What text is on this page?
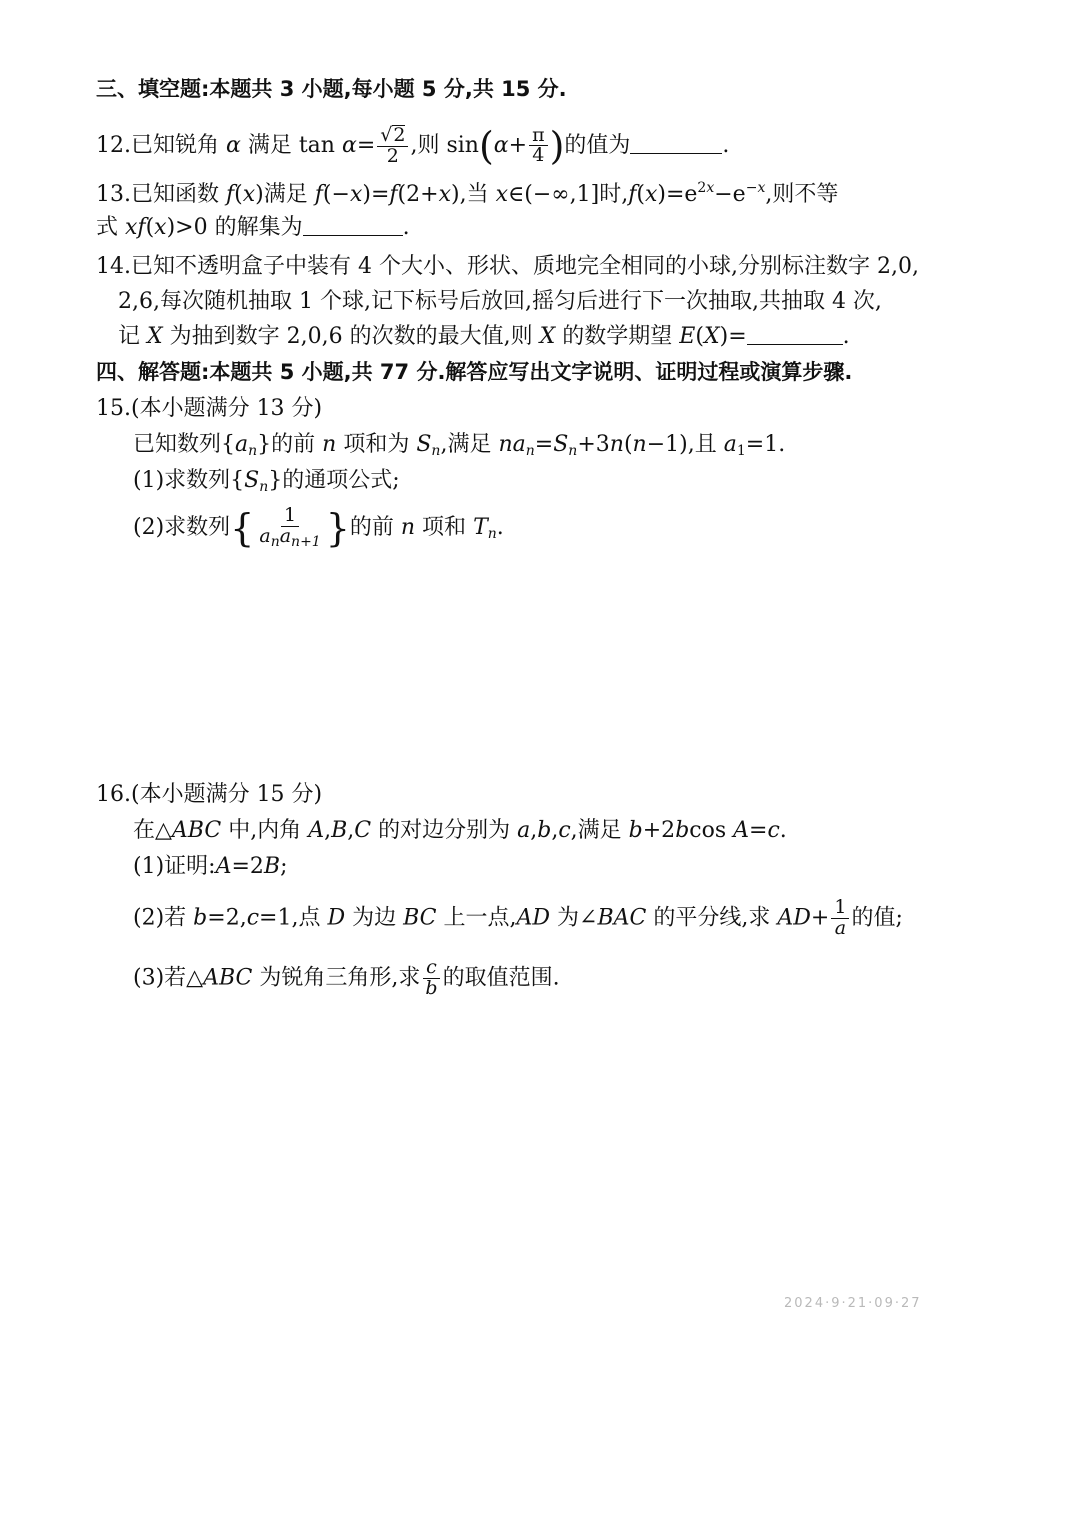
三、填空题:本题共 3 小题,每小题 5 分,共 15 分.
12.已知锐角 α 满足 $\tan \alpha= \frac{√2}{2}$ ,则 $\sin(\alpha+ \frac{\pi}{4}$ )的值为	.
13.已知函数 f(x)满足 f(−x)=f(2+x),当 x∈(−∞,1]时$,f(x)=e^{2x}-e^{-x}$,则不等
式 xf(x)>0 的解集为	.
14.已知不透明盒子中装有 4 个大小、形状、质地完全相同的小球,分别标注数字 2,0,
2,6,每次随机抽取 1 个球,记下标号后放回,摇匀后进行下一次抽取,共抽取 4 次,
记 X 为抽到数字 2,0,6 的次数的最大值,则 X 的数学期望 E(X)=	.
四、解答题:本题共 5 小题,共 77 分.解答应写出文字说明、证明过程或演算步骤.
15.(本小题满分 13 分)
已知数列$\{a_n\}$的前 n 项和为 $S_n$,满足 $na_n=S_n+3n(n-1)$,且 $a_1=1$.
(1)求数列$\{S_n\}$的通项公式;
(2)求数列{ $\frac{1}{a_na_{n+1}}$ }的前 n 项和 $T_n$.
16.(本小题满分 15 分)
在△ABC 中,内角 A,B,C 的对边分别为 a,b,c,满足 b+2bcos A=c.
(1)证明:A=2B;
(2)若 b=2,c=1,点 D 为边 BC 上一点,AD 为∠BAC 的平分线,求 $AD+ \frac{1}{a}$ 的值;
(3)若△ABC 为锐角三角形,求 $\frac{c}{b}$ 的取值范围.
2024·9·21·09·27
